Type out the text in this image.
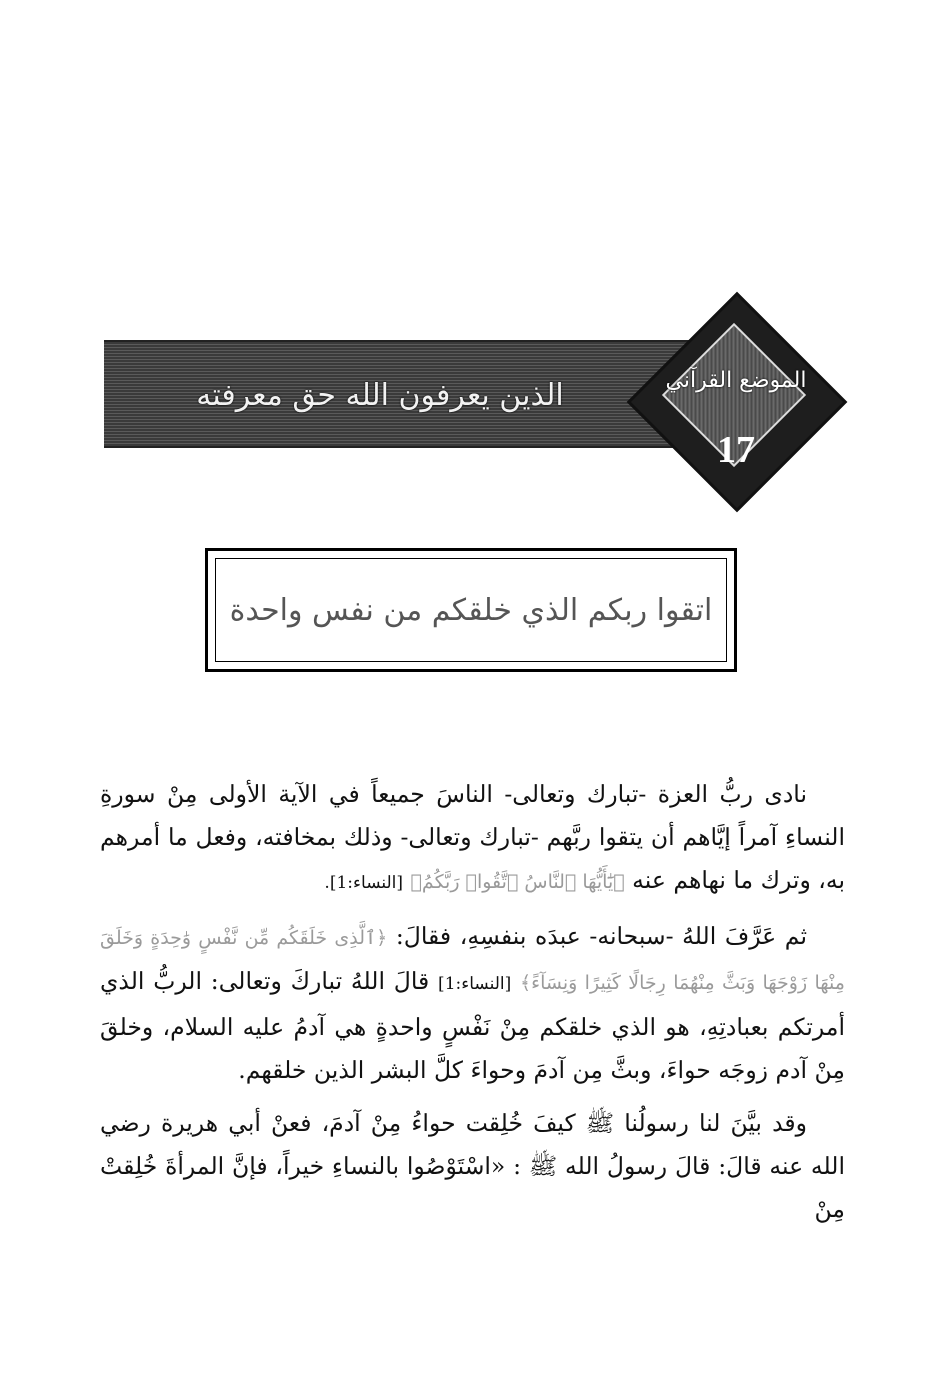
الذين يعرفون الله حق معرفته	الموضع القرآني
17
اتقوا ربكم الذي خلقكم من نفس واحدة

نادى ربُّ العزة -تبارك وتعالى- الناسَ جميعاً في الآية الأولى مِنْ سورةِ النساءِ آمراً إيَّاهم أن يتقوا ربَّهم -تبارك وتعالى- وذلك بمخافته، وفعل ما أمرهم به، وترك ما نهاهم عنه ﴿يَٰٓأَيُّهَا ٱلنَّاسُ ٱتَّقُوا۟ رَبَّكُمُ﴾ [النساء:1].

ثم عَرَّفَ اللهُ -سبحانه- عبدَه بنفسِهِ، فقالَ: ﴿ٱلَّذِى خَلَقَكُم مِّن نَّفْسٍ وَٰحِدَةٍ وَخَلَقَ مِنْهَا زَوْجَهَا وَبَثَّ مِنْهُمَا رِجَالًا كَثِيرًا وَنِسَآءً﴾ [النساء:1] قالَ اللهُ تباركَ وتعالى: الربُّ الذي أمرتكم بعبادتِهِ، هو الذي خلقكم مِنْ نَفْسٍ واحدةٍ هي آدمُ عليه السلام، وخلقَ مِنْ آدم زوجَه حواءَ، وبثَّ مِن آدمَ وحواءَ كلَّ البشر الذين خلقهم.

وقد بيَّنَ لنا رسولُنا ﷺ كيفَ خُلِقت حواءُ مِنْ آدمَ، فعنْ أبي هريرة رضي الله عنه قالَ: قالَ رسولُ الله ﷺ : «اسْتَوْصُوا بالنساءِ خيراً، فإنَّ المرأةَ خُلِقتْ مِنْ
